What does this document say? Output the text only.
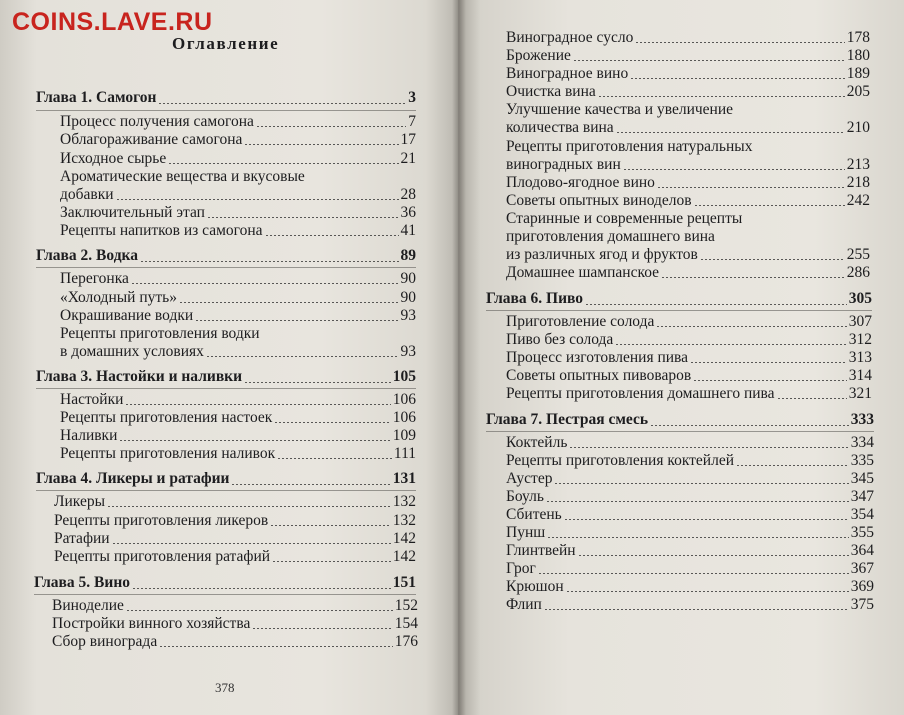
COINS.LAVE.RU
Оглавление
Глава 1. Самогон	3
Процесс получения самогона	7
Облагораживание самогона	17
Исходное сырье	21
Ароматические вещества и вкусовые
добавки	28
Заключительный этап	36
Рецепты напитков из самогона	41
Глава 2. Водка	89
Перегонка	90
«Холодный путь»	90
Окрашивание водки	93
Рецепты приготовления водки
в домашних условиях	93
Глава 3. Настойки и наливки	105
Настойки	106
Рецепты приготовления настоек	106
Наливки	109
Рецепты приготовления наливок	111
Глава 4. Ликеры и ратафии	131
Ликеры	132
Рецепты приготовления ликеров	132
Ратафии	142
Рецепты приготовления ратафий	142
Глава 5. Вино	151
Виноделие	152
Постройки винного хозяйства	154
Сбор винограда	176
378
Виноградное сусло	178
Брожение	180
Виноградное вино	189
Очистка вина	205
Улучшение качества и увеличение
количества вина	210
Рецепты приготовления натуральных
виноградных вин	213
Плодово-ягодное вино	218
Советы опытных виноделов	242
Старинные и современные рецепты
приготовления домашнего вина
из различных ягод и фруктов	255
Домашнее шампанское	286
Глава 6. Пиво	305
Приготовление солода	307
Пиво без солода	312
Процесс изготовления пива	313
Советы опытных пивоваров	314
Рецепты приготовления домашнего пива	321
Глава 7. Пестрая смесь	333
Коктейль	334
Рецепты приготовления коктейлей	335
Аустер	345
Боуль	347
Сбитень	354
Пунш	355
Глинтвейн	364
Грог	367
Крюшон	369
Флип	375
